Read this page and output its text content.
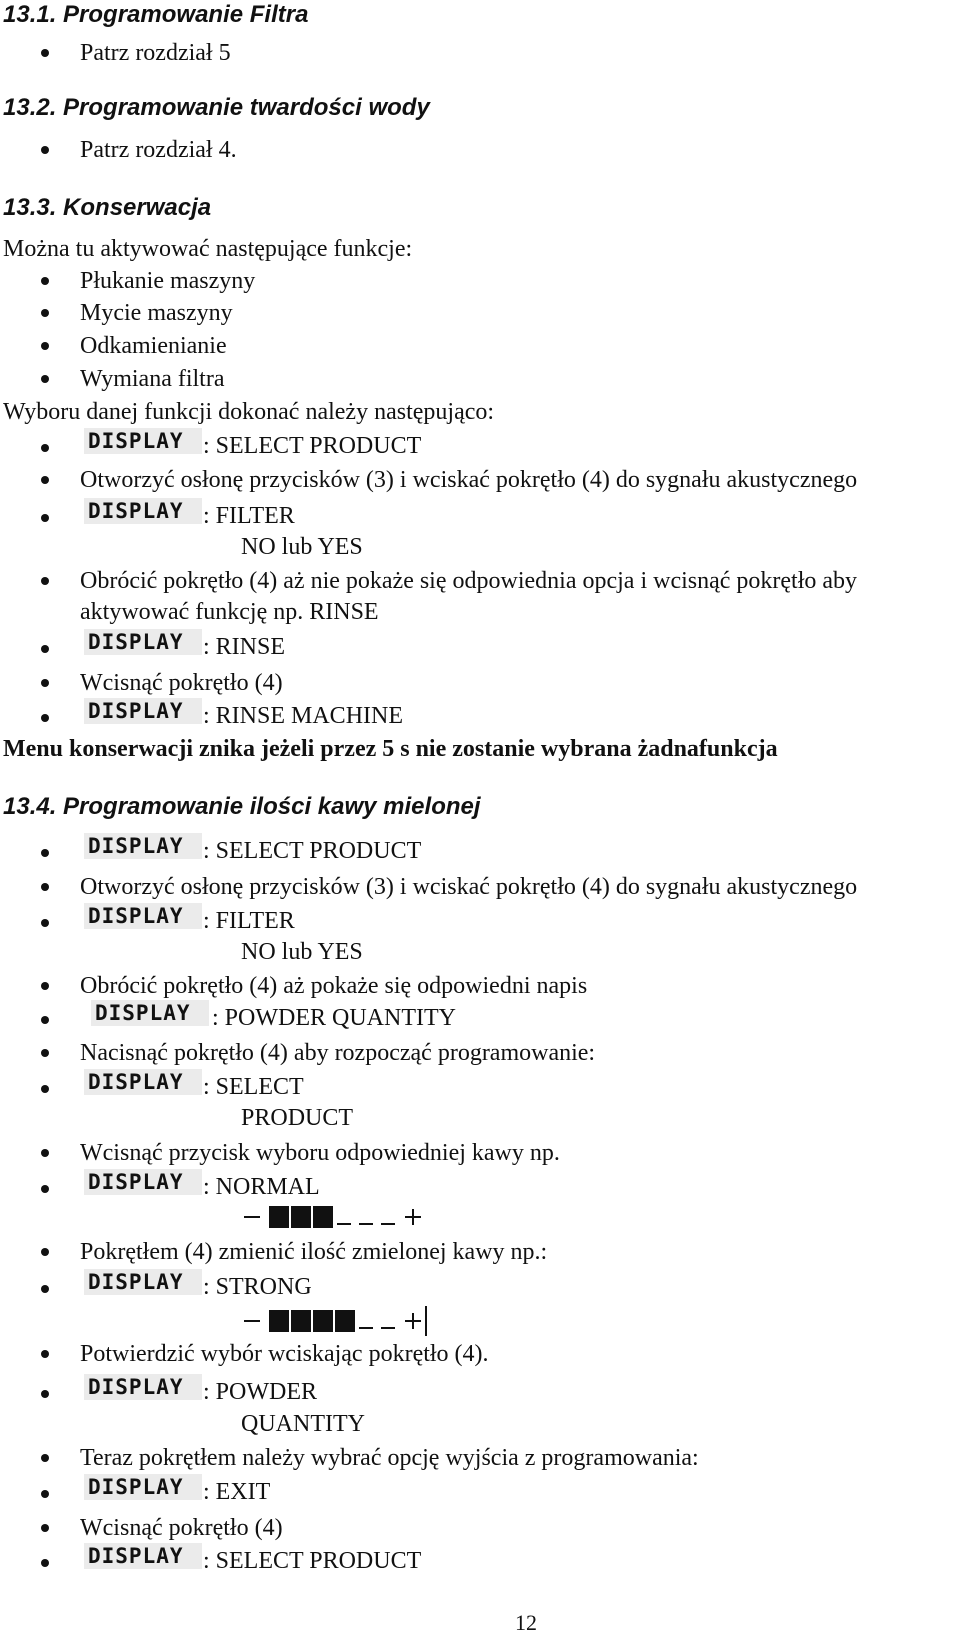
13.1. Programowanie Filtra
Patrz rozdział 5
13.2. Programowanie twardości wody
Patrz rozdział 4.
13.3. Konserwacja
Można tu aktywować następujące funkcje:
Płukanie maszyny
Mycie maszyny
Odkamienianie
Wymiana filtra
Wyboru danej funkcji dokonać należy następująco:
DISPLAY : SELECT PRODUCT
Otworzyć osłonę przycisków (3) i wciskać pokrętło (4) do sygnału akustycznego
DISPLAY : FILTER
NO lub YES
Obrócić pokrętło (4) aż nie pokaże się odpowiednia opcja i wcisnąć pokrętło aby
aktywować funkcję np. RINSE
DISPLAY : RINSE
Wcisnąć pokrętło (4)
DISPLAY : RINSE MACHINE
Menu konserwacji znika jeżeli przez 5 s nie zostanie wybrana żadnafunkcja
13.4. Programowanie ilości kawy mielonej
DISPLAY : SELECT PRODUCT
Otworzyć osłonę przycisków (3) i wciskać pokrętło (4) do sygnału akustycznego
DISPLAY : FILTER
NO lub YES
Obrócić pokrętło (4) aż pokaże się odpowiedni napis
DISPLAY : POWDER QUANTITY
Nacisnąć pokrętło (4) aby rozpocząć programowanie:
DISPLAY : SELECT
PRODUCT
Wcisnąć przycisk wyboru odpowiedniej kawy np.
DISPLAY : NORMAL
Pokrętłem (4) zmienić ilość zmielonej kawy np.:
DISPLAY : STRONG
Potwierdzić wybór wciskając pokrętło (4).
DISPLAY : POWDER
QUANTITY
Teraz pokrętłem należy wybrać opcję wyjścia z programowania:
DISPLAY : EXIT
Wcisnąć pokrętło (4)
DISPLAY : SELECT PRODUCT
12
